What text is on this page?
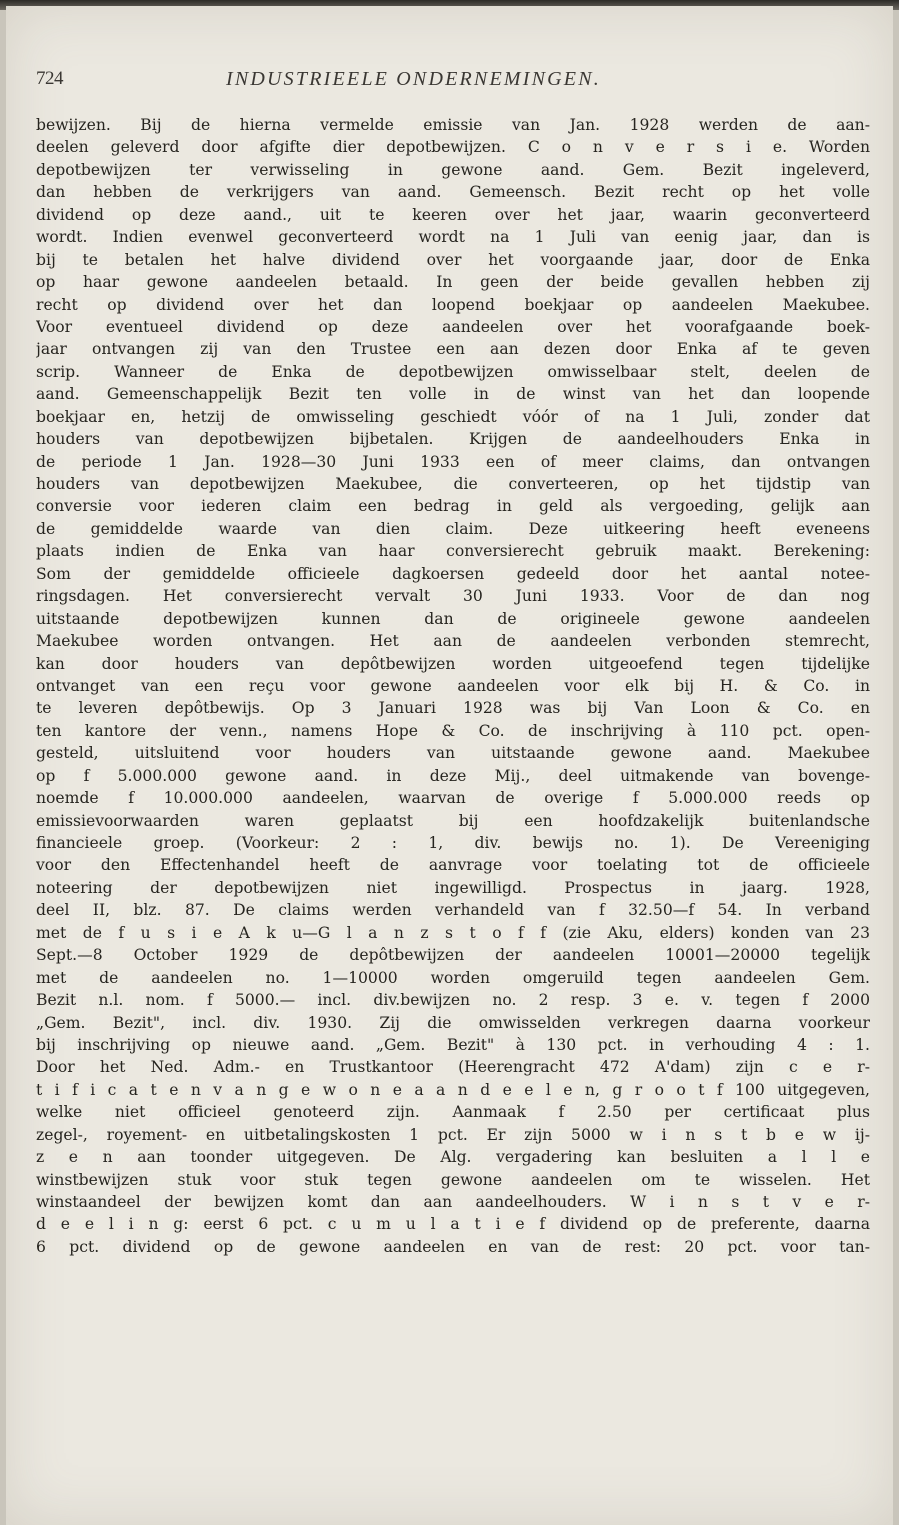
724	INDUSTRIEELE ONDERNEMINGEN.
bewijzen. Bij de hierna vermelde emissie van Jan. 1928 werden de aan-
deelen geleverd door afgifte dier depotbewijzen. C o n v e r s i e. Worden
depotbewijzen ter verwisseling in gewone aand. Gem. Bezit ingeleverd,
dan hebben de verkrijgers van aand. Gemeensch. Bezit recht op het volle
dividend op deze aand., uit te keeren over het jaar, waarin geconverteerd
wordt. Indien evenwel geconverteerd wordt na 1 Juli van eenig jaar, dan is
bij te betalen het halve dividend over het voorgaande jaar, door de Enka
op haar gewone aandeelen betaald. In geen der beide gevallen hebben zij
recht op dividend over het dan loopend boekjaar op aandeelen Maekubee.
Voor eventueel dividend op deze aandeelen over het voorafgaande boek-
jaar ontvangen zij van den Trustee een aan dezen door Enka af te geven
scrip. Wanneer de Enka de depotbewijzen omwisselbaar stelt, deelen de
aand. Gemeenschappelijk Bezit ten volle in de winst van het dan loopende
boekjaar en, hetzij de omwisseling geschiedt vóór of na 1 Juli, zonder dat
houders van depotbewijzen bijbetalen. Krijgen de aandeelhouders Enka in
de periode 1 Jan. 1928—30 Juni 1933 een of meer claims, dan ontvangen
houders van depotbewijzen Maekubee, die converteeren, op het tijdstip van
conversie voor iederen claim een bedrag in geld als vergoeding, gelijk aan
de gemiddelde waarde van dien claim. Deze uitkeering heeft eveneens
plaats indien de Enka van haar conversierecht gebruik maakt. Berekening:
Som der gemiddelde officieele dagkoersen gedeeld door het aantal notee-
ringsdagen. Het conversierecht vervalt 30 Juni 1933. Voor de dan nog
uitstaande depotbewijzen kunnen dan de origineele gewone aandeelen
Maekubee worden ontvangen. Het aan de aandeelen verbonden stemrecht,
kan door houders van depôtbewijzen worden uitgeoefend tegen tijdelijke
ontvanget van een reçu voor gewone aandeelen voor elk bij H. & Co. in
te leveren depôtbewijs. Op 3 Januari 1928 was bij Van Loon & Co. en
ten kantore der venn., namens Hope & Co. de inschrijving à 110 pct. open-
gesteld, uitsluitend voor houders van uitstaande gewone aand. Maekubee
op f 5.000.000 gewone aand. in deze Mij., deel uitmakende van bovenge-
noemde f 10.000.000 aandeelen, waarvan de overige f 5.000.000 reeds op
emissievoorwaarden waren geplaatst bij een hoofdzakelijk buitenlandsche
financieele groep. (Voorkeur: 2 : 1, div. bewijs no. 1). De Vereeniging
voor den Effectenhandel heeft de aanvrage voor toelating tot de officieele
noteering der depotbewijzen niet ingewilligd. Prospectus in jaarg. 1928,
deel II, blz. 87. De claims werden verhandeld van f 32.50—f 54. In verband
met de f u s i e A k u—G l a n z s t o f f (zie Aku, elders) konden van 23
Sept.—8 October 1929 de depôtbewijzen der aandeelen 10001—20000 tegelijk
met de aandeelen no. 1—10000 worden omgeruild tegen aandeelen Gem.
Bezit n.l. nom. f 5000.— incl. div.bewijzen no. 2 resp. 3 e. v. tegen f 2000
„Gem. Bezit", incl. div. 1930. Zij die omwisselden verkregen daarna voorkeur
bij inschrijving op nieuwe aand. „Gem. Bezit" à 130 pct. in verhouding 4 : 1.
Door het Ned. Adm.- en Trustkantoor (Heerengracht 472 A'dam) zijn c e r-
t i f i c a t e n v a n g e w o n e a a n d e e l e n, g r o o t f 100 uitgegeven,
welke niet officieel genoteerd zijn. Aanmaak f 2.50 per certificaat plus
zegel-, royement- en uitbetalingskosten 1 pct. Er zijn 5000 w i n s t b e w ij-
z e n aan toonder uitgegeven. De Alg. vergadering kan besluiten a l l e
winstbewijzen stuk voor stuk tegen gewone aandeelen om te wisselen. Het
winstaandeel der bewijzen komt dan aan aandeelhouders. W i n s t v e r-
d e e l i n g: eerst 6 pct. c u m u l a t i e f dividend op de preferente, daarna
6 pct. dividend op de gewone aandeelen en van de rest: 20 pct. voor tan-
